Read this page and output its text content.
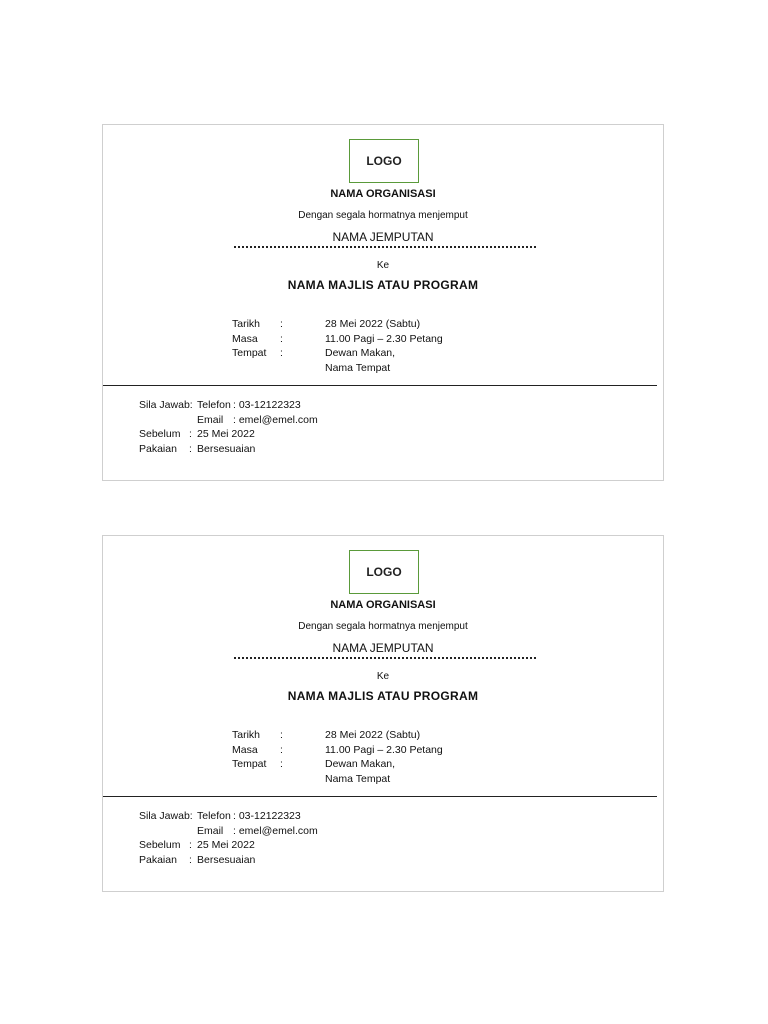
LOGO
NAMA ORGANISASI
Dengan segala hormatnya menjemput
NAMA JEMPUTAN
Ke
NAMA MAJLIS ATAU PROGRAM
Tarikh	:	28 Mei 2022 (Sabtu)
Masa	:	11.00 Pagi – 2.30 Petang
Tempat	:	Dewan Makan,
Nama Tempat
Sila Jawab: Telefon : 03-12122323
Email : emel@emel.com
Sebelum : 25 Mei 2022
Pakaian	: Bersesuaian
LOGO
NAMA ORGANISASI
Dengan segala hormatnya menjemput
NAMA JEMPUTAN
Ke
NAMA MAJLIS ATAU PROGRAM
Tarikh	:	28 Mei 2022 (Sabtu)
Masa	:	11.00 Pagi – 2.30 Petang
Tempat	:	Dewan Makan,
Nama Tempat
Sila Jawab: Telefon : 03-12122323
Email : emel@emel.com
Sebelum : 25 Mei 2022
Pakaian	: Bersesuaian
